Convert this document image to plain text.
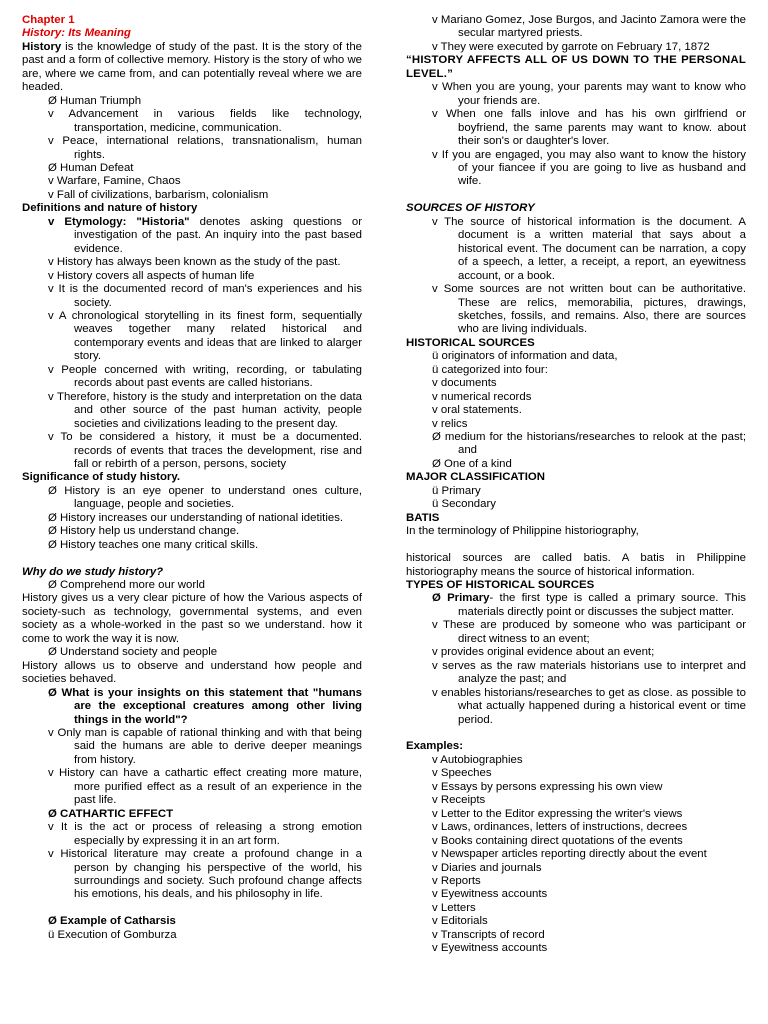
Chapter 1
History: Its Meaning
History is the knowledge of study of the past. It is the story of the past and a form of collective memory. History is the story of who we are, where we came from, and can potentially reveal where we are headed.
Ø Human Triumph
v Advancement in various fields like technology, transportation, medicine, communication.
v Peace, international relations, transnationalism, human rights.
Ø Human Defeat
v Warfare, Famine, Chaos
v Fall of civilizations, barbarism, colonialism
Definitions and nature of history
v Etymology: "Historia" denotes asking questions or investigation of the past. An inquiry into the past based evidence.
v History has always been known as the study of the past.
v History covers all aspects of human life
v It is the documented record of man's experiences and his society.
v A chronological storytelling in its finest form, sequentially weaves together many related historical and contemporary events and ideas that are linked to alarger story.
v People concerned with writing, recording, or tabulating records about past events are called historians.
v Therefore, history is the study and interpretation on the data and other source of the past human activity, people societies and civilizations leading to the present day.
v To be considered a history, it must be a documented. records of events that traces the development, rise and fall or rebirth of a person, persons, society
Significance of study history.
Ø History is an eye opener to understand ones culture, language, people and societies.
Ø History increases our understanding of national idetities.
Ø History help us understand change.
Ø History teaches one many critical skills.
Why do we study history?
Ø Comprehend more our world
History gives us a very clear picture of how the Various aspects of society-such as technology, governmental systems, and even society as a whole-worked in the past so we understand. how it come to work the way it is now.
Ø Understand society and people
History allows us to observe and understand how people and societies behaved.
Ø What is your insights on this statement that "humans are the exceptional creatures among other living things in the world"?
v Only man is capable of rational thinking and with that being said the humans are able to derive deeper meanings from history.
v History can have a cathartic effect creating more mature, more purified effect as a result of an experience in the past life.
Ø CATHARTIC EFFECT
v It is the act or process of releasing a strong emotion especially by expressing it in an art form.
v Historical literature may create a profound change in a person by changing his perspective of the world, his surroundings and society. Such profound change affects his emotions, his deals, and his philosophy in life.
Ø Example of Catharsis
ü Execution of Gomburza
v Mariano Gomez, Jose Burgos, and Jacinto Zamora were the secular martyred priests.
v They were executed by garrote on February 17, 1872
“HISTORY AFFECTS ALL OF US DOWN TO THE PERSONAL LEVEL.”
v When you are young, your parents may want to know who your friends are.
v When one falls inlove and has his own girlfriend or boyfriend, the same parents may want to know. about their son's or daughter's lover.
v If you are engaged, you may also want to know the history of your fiancee if you are going to live as husband and wife.
SOURCES OF HISTORY
v The source of historical information is the document. A document is a written material that says about a historical event. The document can be narration, a copy of a speech, a letter, a receipt, a report, an eyewitness account, or a book.
v Some sources are not written bout can be authoritative. These are relics, memorabilia, pictures, drawings, sketches, fossils, and remains. Also, there are sources who are living individuals.
HISTORICAL SOURCES
ü originators of information and data,
ü categorized into four:
v documents
v numerical records
v oral statements.
v relics
Ø medium for the historians/researches to relook at the past; and
Ø One of a kind
MAJOR CLASSIFICATION
ü Primary
ü Secondary
BATIS
In the terminology of Philippine historiography,
historical sources are called batis. A batis in Philippine historiography means the source of historical information.
TYPES OF HISTORICAL SOURCES
Ø Primary- the first type is called a primary source. This materials directly point or discusses the subject matter.
v These are produced by someone who was participant or direct witness to an event;
v provides original evidence about an event;
v serves as the raw materials historians use to interpret and analyze the past; and
v enables historians/researches to get as close. as possible to what actually happened during a historical event or time period.
Examples:
v Autobiographies
v Speeches
v Essays by persons expressing his own view
v Receipts
v Letter to the Editor expressing the writer's views
v Laws, ordinances, letters of instructions, decrees
v Books containing direct quotations of the events
v Newspaper articles reporting directly about the event
v Diaries and journals
v Reports
v Eyewitness accounts
v Letters
v Editorials
v Transcripts of record
v Eyewitness accounts
